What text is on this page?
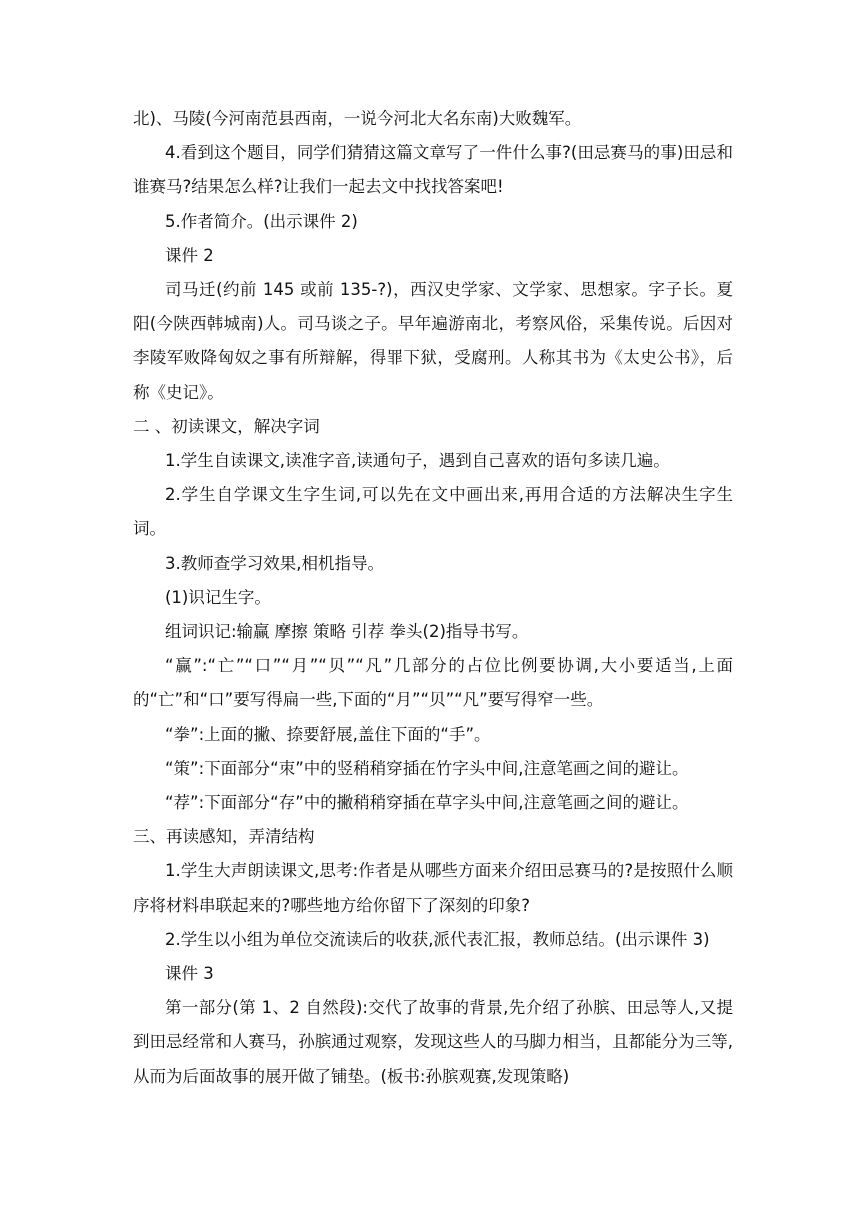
北)、马陵(今河南范县西南，一说今河北大名东南)大败魏军。

4.看到这个题目，同学们猜猜这篇文章写了一件什么事?(田忌赛马的事)田忌和谁赛马?结果怎么样?让我们一起去文中找找答案吧!

5.作者简介。(出示课件 2)

课件 2

司马迁(约前 145 或前 135-?)，西汉史学家、文学家、思想家。字子长。夏阳(今陕西韩城南)人。司马谈之子。早年遍游南北，考察风俗，采集传说。后因对李陵军败降匈奴之事有所辩解，得罪下狱，受腐刑。人称其书为《太史公书》，后称《史记》。

二 、初读课文，解决字词

1.学生自读课文,读准字音,读通句子，遇到自己喜欢的语句多读几遍。

2.学生自学课文生字生词,可以先在文中画出来,再用合适的方法解决生字生词。

3.教师查学习效果,相机指导。

(1)识记生字。

组词识记:输赢 摩擦 策略 引荐 拳头(2)指导书写。

“赢”:“亡”“口”“月”“贝”“凡”几部分的占位比例要协调,大小要适当,上面的“亡”和“口”要写得扁一些,下面的“月”“贝”“凡”要写得窄一些。

“拳”:上面的撇、捺要舒展,盖住下面的“手”。

“策”:下面部分“朿”中的竖稍稍穿插在竹字头中间,注意笔画之间的避让。

“荐”:下面部分“存”中的撇稍稍穿插在草字头中间,注意笔画之间的避让。

三、再读感知，弄清结构

1.学生大声朗读课文,思考:作者是从哪些方面来介绍田忌赛马的?是按照什么顺序将材料串联起来的?哪些地方给你留下了深刻的印象?

2.学生以小组为单位交流读后的收获,派代表汇报，教师总结。(出示课件 3)

课件 3

第一部分(第 1、2 自然段):交代了故事的背景,先介绍了孙膑、田忌等人,又提到田忌经常和人赛马，孙膑通过观察，发现这些人的马脚力相当，且都能分为三等,从而为后面故事的展开做了铺垫。(板书:孙膑观赛,发现策略)
